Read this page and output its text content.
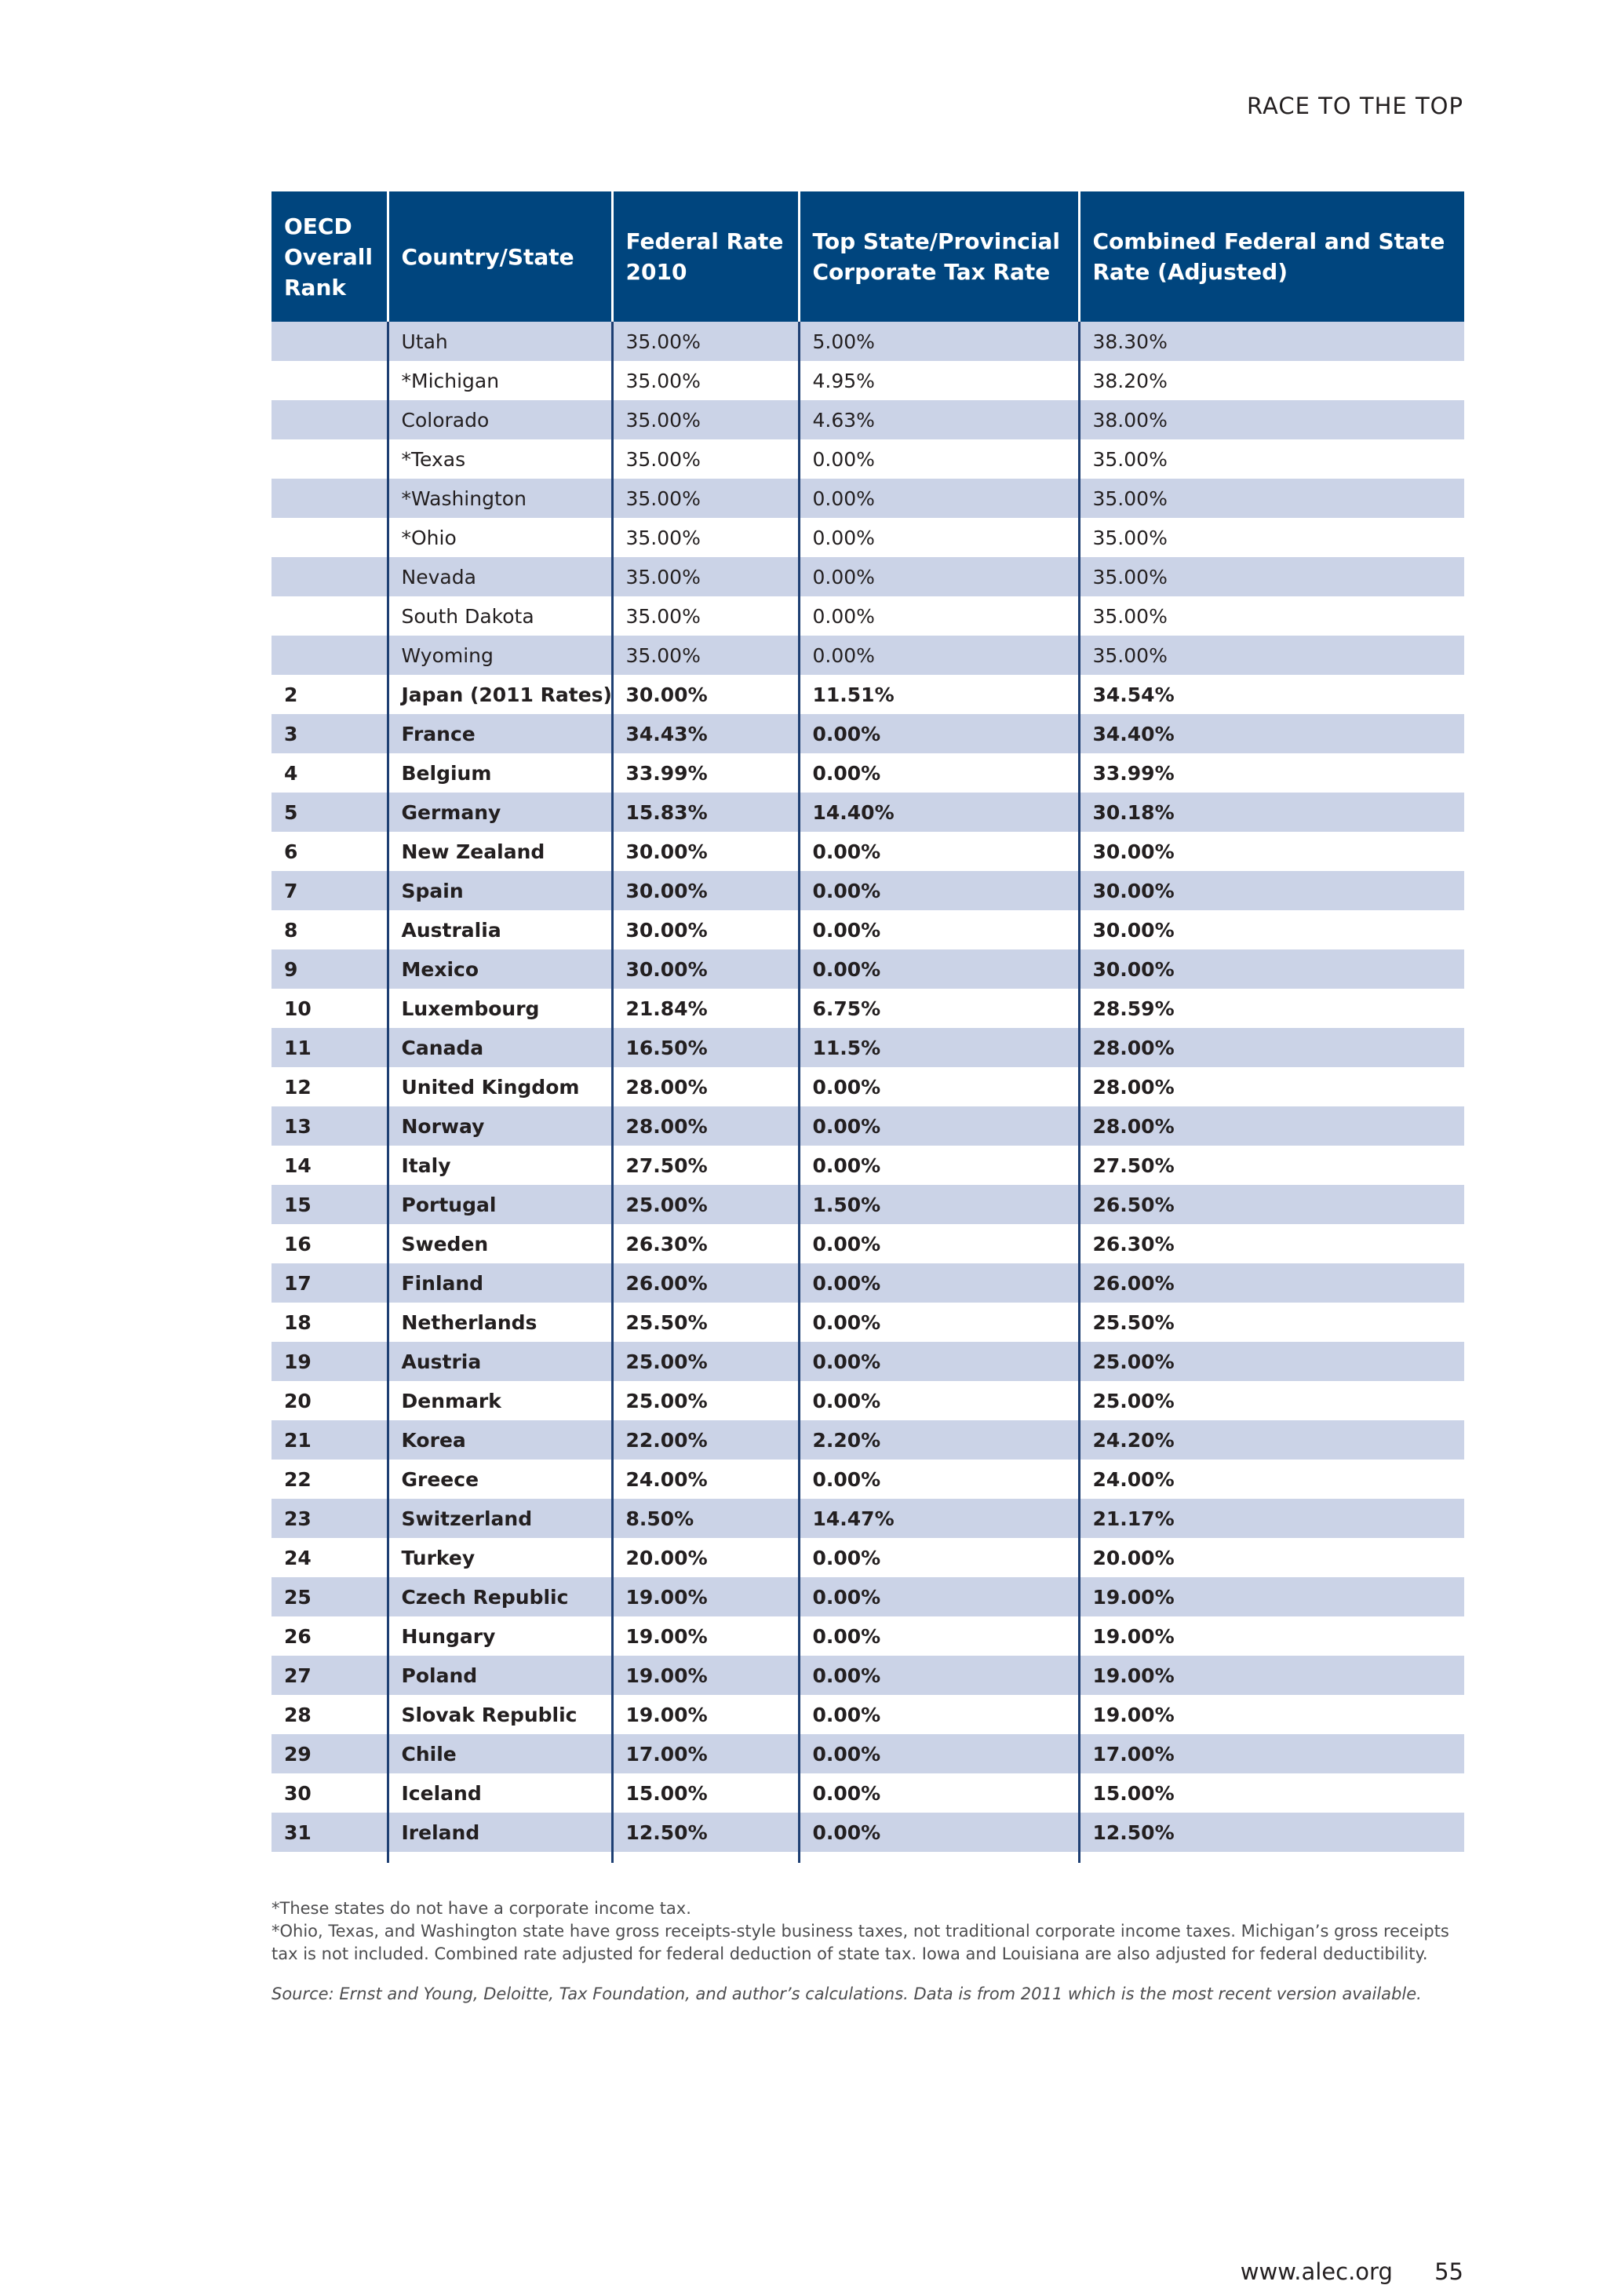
RACE TO THE TOP
OECD Overall Rank	Country/State	Federal Rate 2010	Top State/Provincial Corporate Tax Rate	Combined Federal and State Rate (Adjusted)
	Utah	35.00%	5.00%	38.30%
	*Michigan	35.00%	4.95%	38.20%
	Colorado	35.00%	4.63%	38.00%
	*Texas	35.00%	0.00%	35.00%
	*Washington	35.00%	0.00%	35.00%
	*Ohio	35.00%	0.00%	35.00%
	Nevada	35.00%	0.00%	35.00%
	South Dakota	35.00%	0.00%	35.00%
	Wyoming	35.00%	0.00%	35.00%
2	Japan (2011 Rates)	30.00%	11.51%	34.54%
3	France	34.43%	0.00%	34.40%
4	Belgium	33.99%	0.00%	33.99%
5	Germany	15.83%	14.40%	30.18%
6	New Zealand	30.00%	0.00%	30.00%
7	Spain	30.00%	0.00%	30.00%
8	Australia	30.00%	0.00%	30.00%
9	Mexico	30.00%	0.00%	30.00%
10	Luxembourg	21.84%	6.75%	28.59%
11	Canada	16.50%	11.5%	28.00%
12	United Kingdom	28.00%	0.00%	28.00%
13	Norway	28.00%	0.00%	28.00%
14	Italy	27.50%	0.00%	27.50%
15	Portugal	25.00%	1.50%	26.50%
16	Sweden	26.30%	0.00%	26.30%
17	Finland	26.00%	0.00%	26.00%
18	Netherlands	25.50%	0.00%	25.50%
19	Austria	25.00%	0.00%	25.00%
20	Denmark	25.00%	0.00%	25.00%
21	Korea	22.00%	2.20%	24.20%
22	Greece	24.00%	0.00%	24.00%
23	Switzerland	8.50%	14.47%	21.17%
24	Turkey	20.00%	0.00%	20.00%
25	Czech Republic	19.00%	0.00%	19.00%
26	Hungary	19.00%	0.00%	19.00%
27	Poland	19.00%	0.00%	19.00%
28	Slovak Republic	19.00%	0.00%	19.00%
29	Chile	17.00%	0.00%	17.00%
30	Iceland	15.00%	0.00%	15.00%
31	Ireland	12.50%	0.00%	12.50%

*These states do not have a corporate income tax.

*Ohio, Texas, and Washington state have gross receipts-style business taxes, not traditional corporate income taxes. Michigan’s gross receipts tax is not included. Combined rate adjusted for federal deduction of state tax. Iowa and Louisiana are also adjusted for federal deductibility.

Source: Ernst and Young, Deloitte, Tax Foundation, and author’s calculations. Data is from 2011 which is the most recent version available.

www.alec.org 55
